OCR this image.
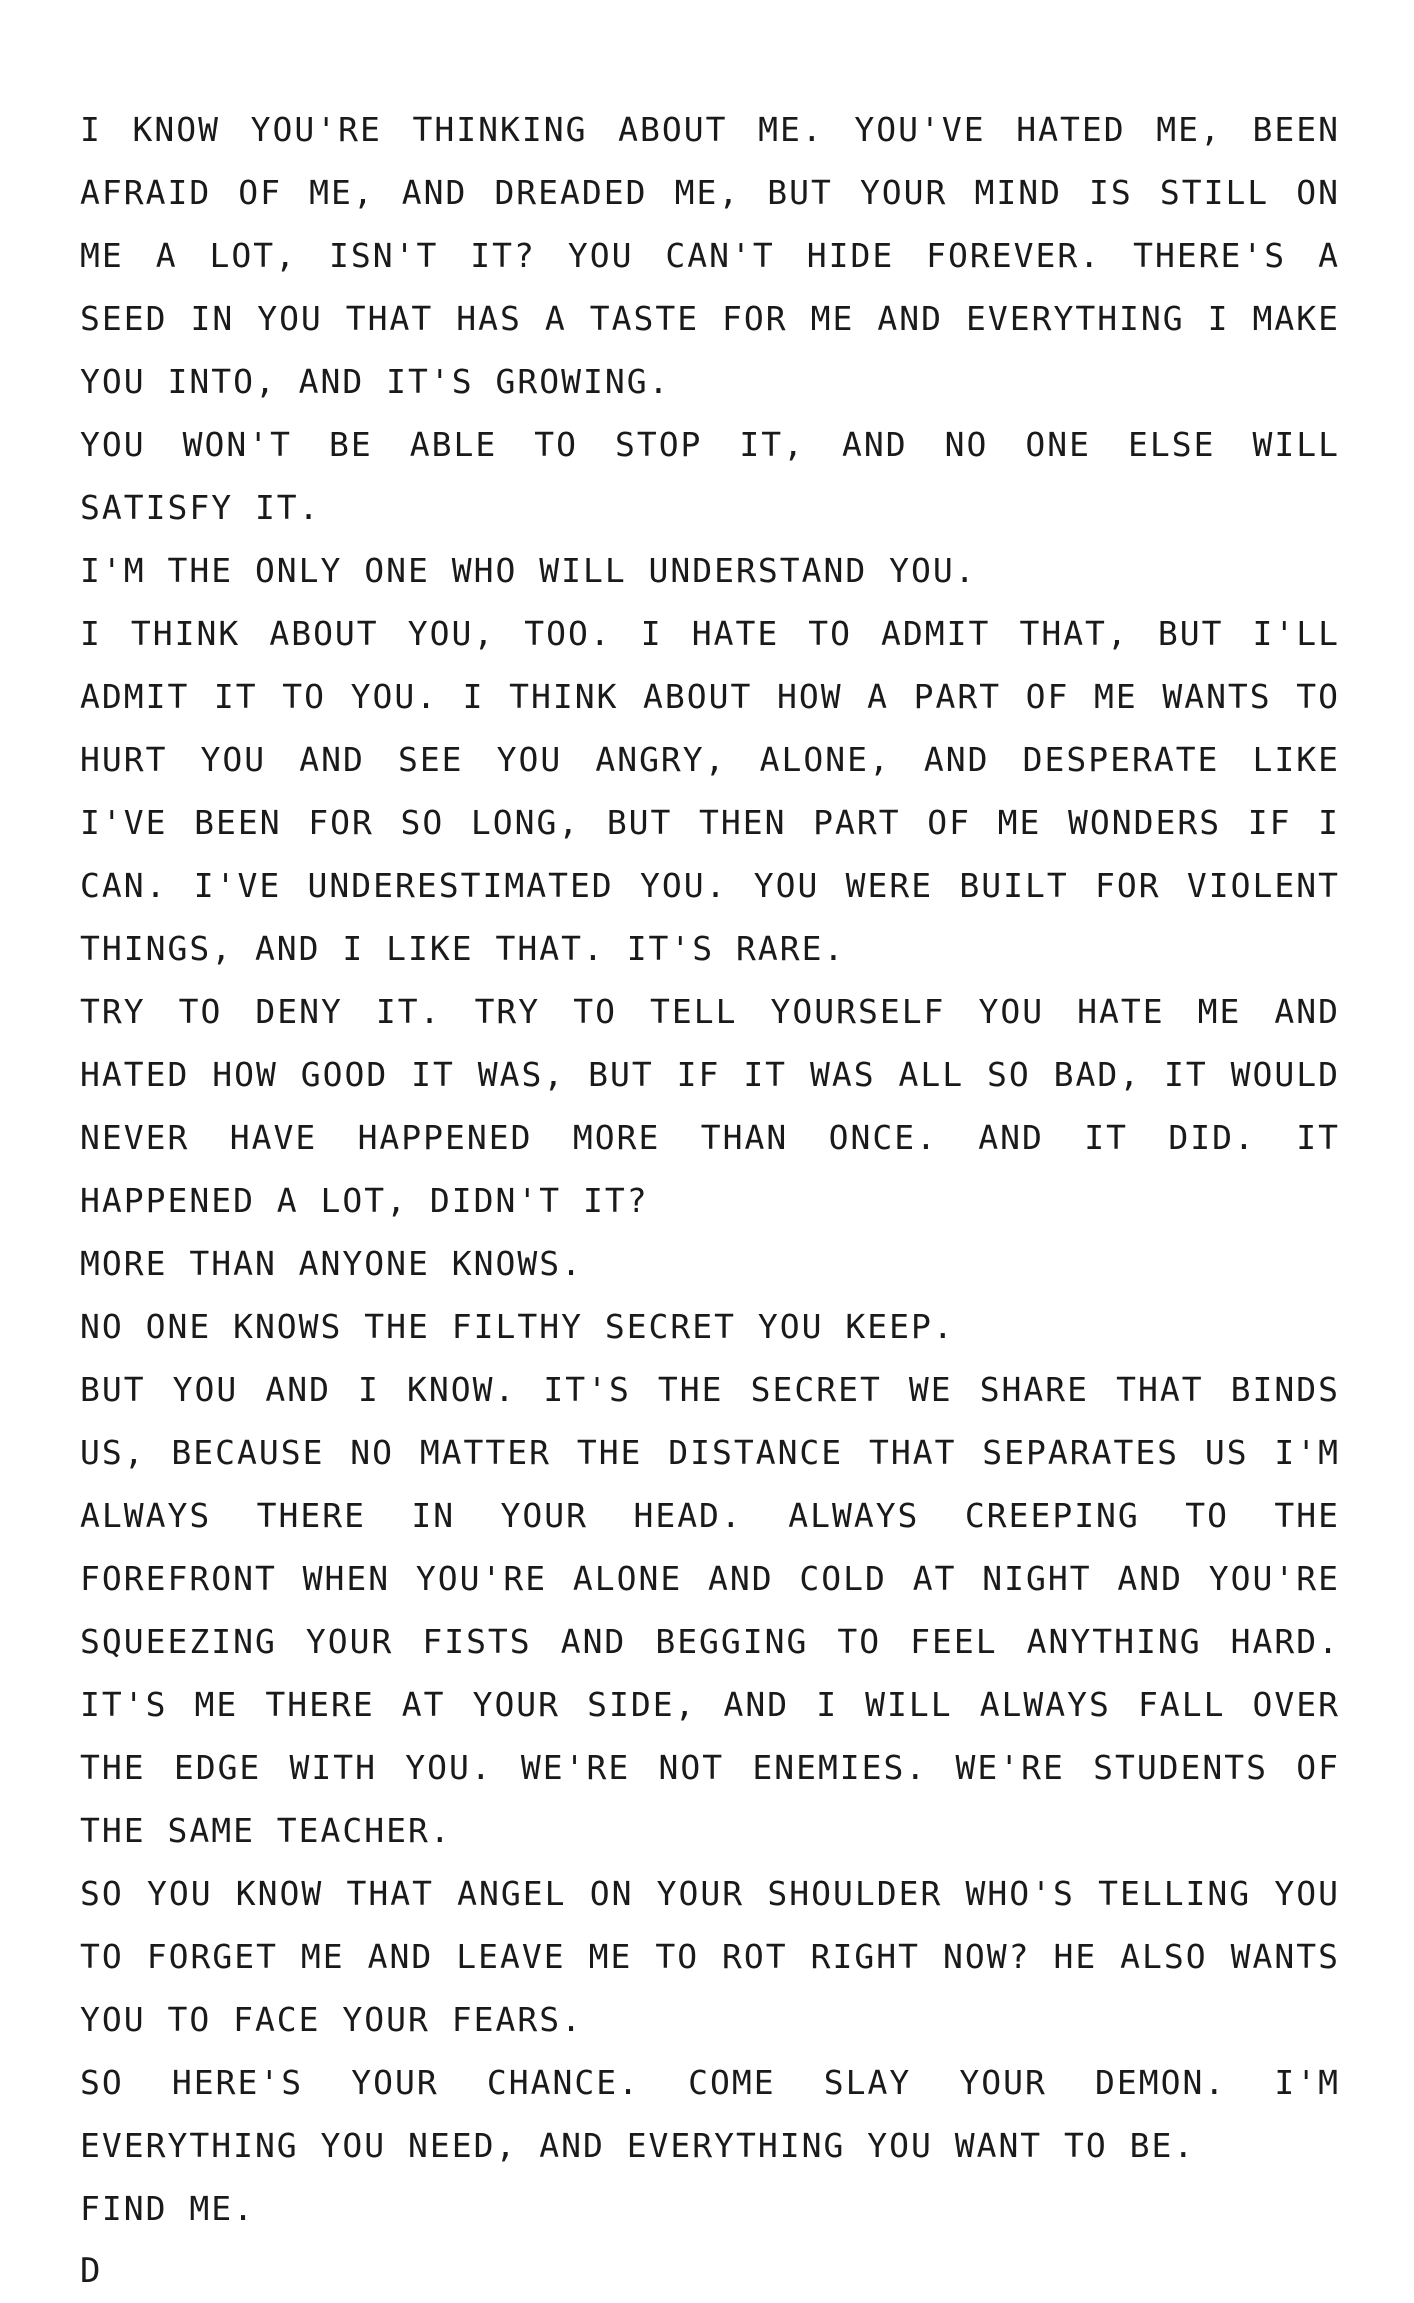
I KNOW YOU'RE THINKING ABOUT ME. YOU'VE HATED ME, BEEN AFRAID OF ME, AND DREADED ME, BUT YOUR MIND IS STILL ON ME A LOT, ISN'T IT? YOU CAN'T HIDE FOREVER. THERE'S A SEED IN YOU THAT HAS A TASTE FOR ME AND EVERYTHING I MAKE YOU INTO, AND IT'S GROWING.

YOU WON'T BE ABLE TO STOP IT, AND NO ONE ELSE WILL SATISFY IT.

I'M THE ONLY ONE WHO WILL UNDERSTAND YOU.

I THINK ABOUT YOU, TOO. I HATE TO ADMIT THAT, BUT I'LL ADMIT IT TO YOU. I THINK ABOUT HOW A PART OF ME WANTS TO HURT YOU AND SEE YOU ANGRY, ALONE, AND DESPERATE LIKE I'VE BEEN FOR SO LONG, BUT THEN PART OF ME WONDERS IF I CAN. I'VE UNDERESTIMATED YOU. YOU WERE BUILT FOR VIOLENT THINGS, AND I LIKE THAT. IT'S RARE.

TRY TO DENY IT. TRY TO TELL YOURSELF YOU HATE ME AND HATED HOW GOOD IT WAS, BUT IF IT WAS ALL SO BAD, IT WOULD NEVER HAVE HAPPENED MORE THAN ONCE. AND IT DID. IT HAPPENED A LOT, DIDN'T IT?

MORE THAN ANYONE KNOWS.

NO ONE KNOWS THE FILTHY SECRET YOU KEEP.

BUT YOU AND I KNOW. IT'S THE SECRET WE SHARE THAT BINDS US, BECAUSE NO MATTER THE DISTANCE THAT SEPARATES US I'M ALWAYS THERE IN YOUR HEAD. ALWAYS CREEPING TO THE FOREFRONT WHEN YOU'RE ALONE AND COLD AT NIGHT AND YOU'RE SQUEEZING YOUR FISTS AND BEGGING TO FEEL ANYTHING HARD. IT'S ME THERE AT YOUR SIDE, AND I WILL ALWAYS FALL OVER THE EDGE WITH YOU. WE'RE NOT ENEMIES. WE'RE STUDENTS OF THE SAME TEACHER.

SO YOU KNOW THAT ANGEL ON YOUR SHOULDER WHO'S TELLING YOU TO FORGET ME AND LEAVE ME TO ROT RIGHT NOW? HE ALSO WANTS YOU TO FACE YOUR FEARS.

SO HERE'S YOUR CHANCE. COME SLAY YOUR DEMON. I'M EVERYTHING YOU NEED, AND EVERYTHING YOU WANT TO BE.

FIND ME.

D
